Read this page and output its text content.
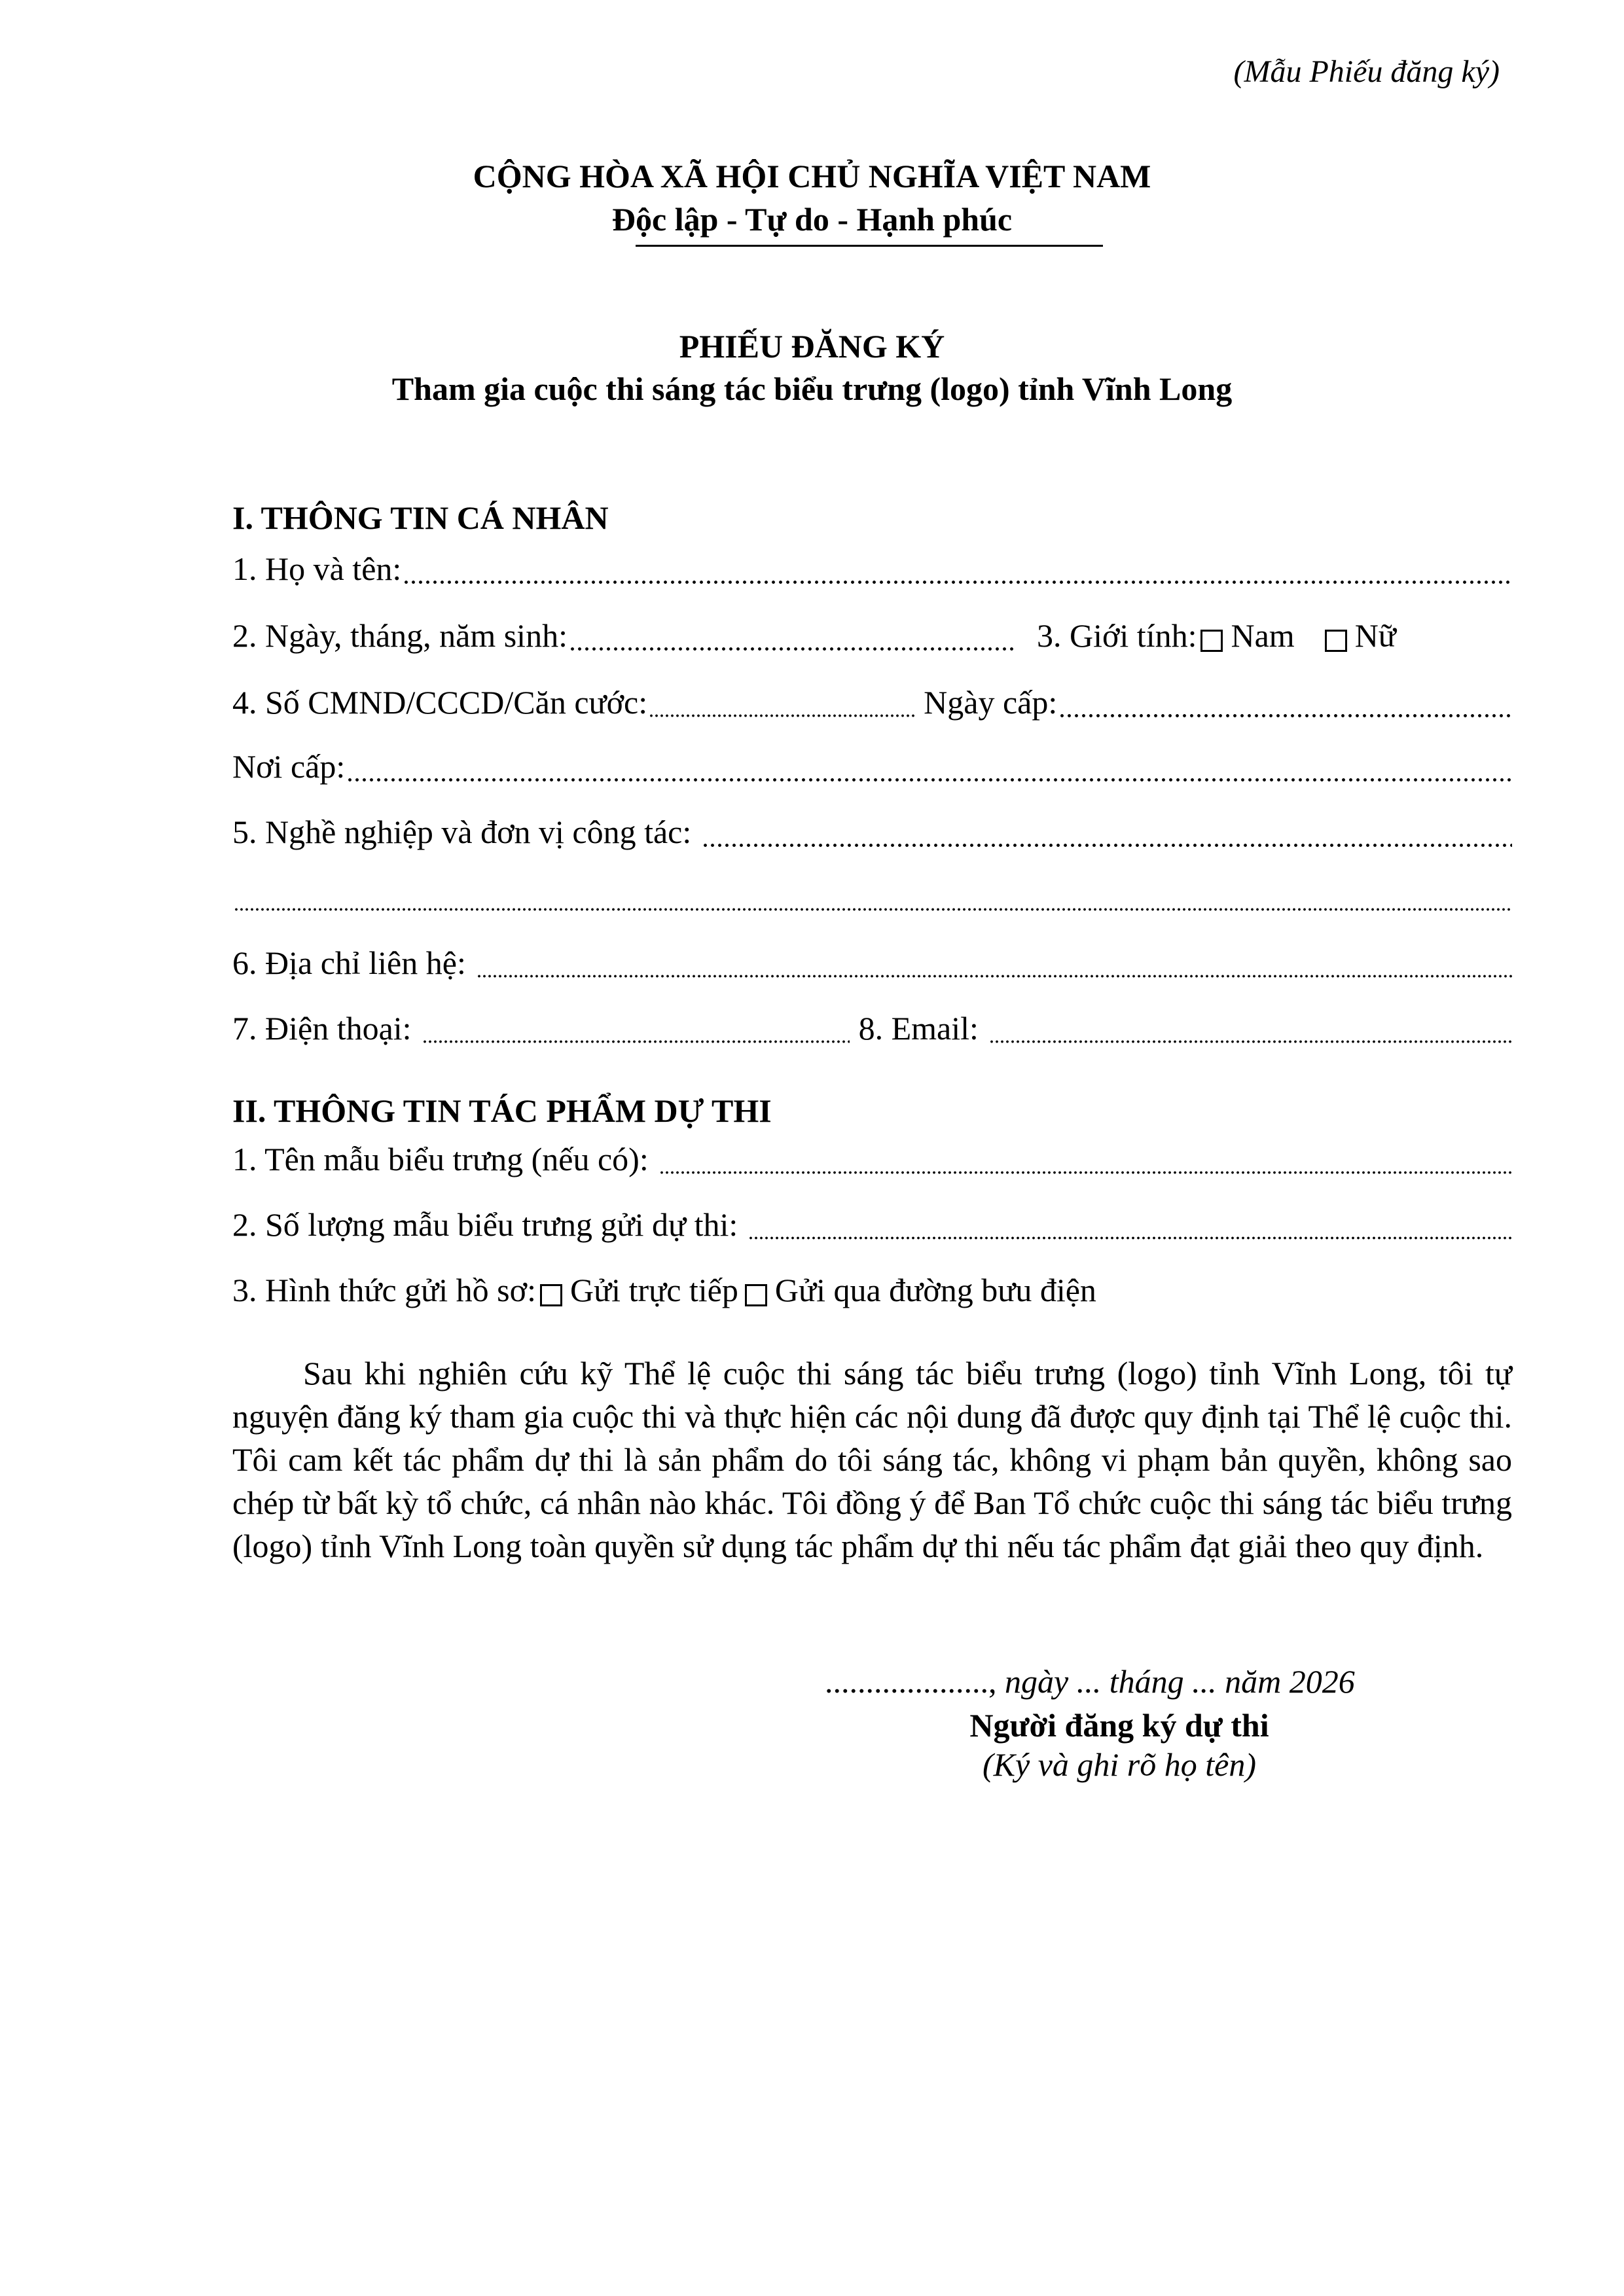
(Mẫu Phiếu đăng ký)
CỘNG HÒA XÃ HỘI CHỦ NGHĨA VIỆT NAM
Độc lập - Tự do - Hạnh phúc
PHIẾU ĐĂNG KÝ
Tham gia cuộc thi sáng tác biểu trưng (logo) tỉnh Vĩnh Long
I. THÔNG TIN CÁ NHÂN
1. Họ và tên:
2. Ngày, tháng, năm sinh:	3. Giới tính: Nam Nữ
4. Số CMND/CCCD/Căn cước:	Ngày cấp:
Nơi cấp:
5. Nghề nghiệp và đơn vị công tác:
6. Địa chỉ liên hệ:
7. Điện thoại:	8. Email:
II. THÔNG TIN TÁC PHẨM DỰ THI
1. Tên mẫu biểu trưng (nếu có):
2. Số lượng mẫu biểu trưng gửi dự thi:
3. Hình thức gửi hồ sơ: Gửi trực tiếp Gửi qua đường bưu điện

Sau khi nghiên cứu kỹ Thể lệ cuộc thi sáng tác biểu trưng (logo) tỉnh Vĩnh Long, tôi tự nguyện đăng ký tham gia cuộc thi và thực hiện các nội dung đã được quy định tại Thể lệ cuộc thi. Tôi cam kết tác phẩm dự thi là sản phẩm do tôi sáng tác, không vi phạm bản quyền, không sao chép từ bất kỳ tổ chức, cá nhân nào khác. Tôi đồng ý để Ban Tổ chức cuộc thi sáng tác biểu trưng (logo) tỉnh Vĩnh Long toàn quyền sử dụng tác phẩm dự thi nếu tác phẩm đạt giải theo quy định.

...................., ngày ... tháng ... năm 2026
Người đăng ký dự thi
(Ký và ghi rõ họ tên)
